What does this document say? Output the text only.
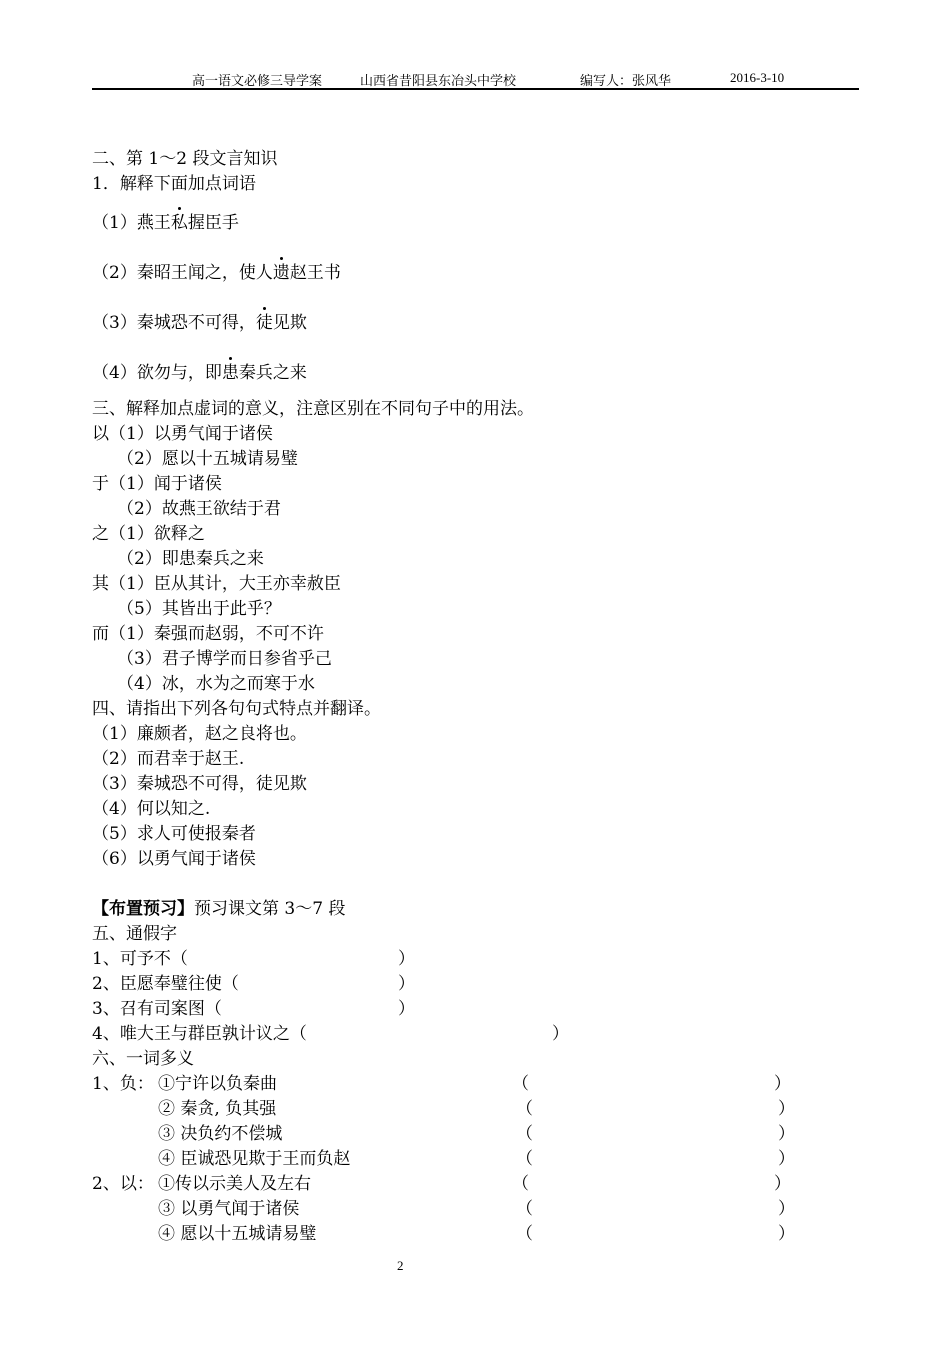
高一语文必修三导学案	山西省昔阳县东冶头中学校	编写人：张风华	2016-3-10
二、第 1～2 段文言知识
1．解释下面加点词语
（1）燕王私握臣手
（2）秦昭王闻之，使人遗赵王书
（3）秦城恐不可得，徒见欺
（4）欲勿与，即患秦兵之来
三、解释加点虚词的意义，注意区别在不同句子中的用法。
以（1）以勇气闻于诸侯
（2）愿以十五城请易璧
于（1）闻于诸侯
（2）故燕王欲结于君
之（1）欲释之
（2）即患秦兵之来
其（1）臣从其计，大王亦幸赦臣
（5）其皆出于此乎？
而（1）秦强而赵弱，不可不许
（3）君子博学而日参省乎己
（4）冰，水为之而寒于水
四、请指出下列各句句式特点并翻译。
（1）廉颇者，赵之良将也。
（2）而君幸于赵王.
（3）秦城恐不可得，徒见欺
（4）何以知之.
（5）求人可使报秦者
（6）以勇气闻于诸侯
【布置预习】预习课文第 3～7 段
五、通假字
1、可予不（	）
2、臣愿奉璧往使（	）
3、召有司案图（	）
4、唯大王与群臣孰计议之（	）
六、一词多义
1、负： ①宁许以负秦曲	（	）
② 秦贪, 负其强	（	）
③ 决负约不偿城	（	）
④ 臣诚恐见欺于王而负赵	（	）
2、以： ①传以示美人及左右	（	）
③ 以勇气闻于诸侯	（	）
④ 愿以十五城请易璧	（	）
2
